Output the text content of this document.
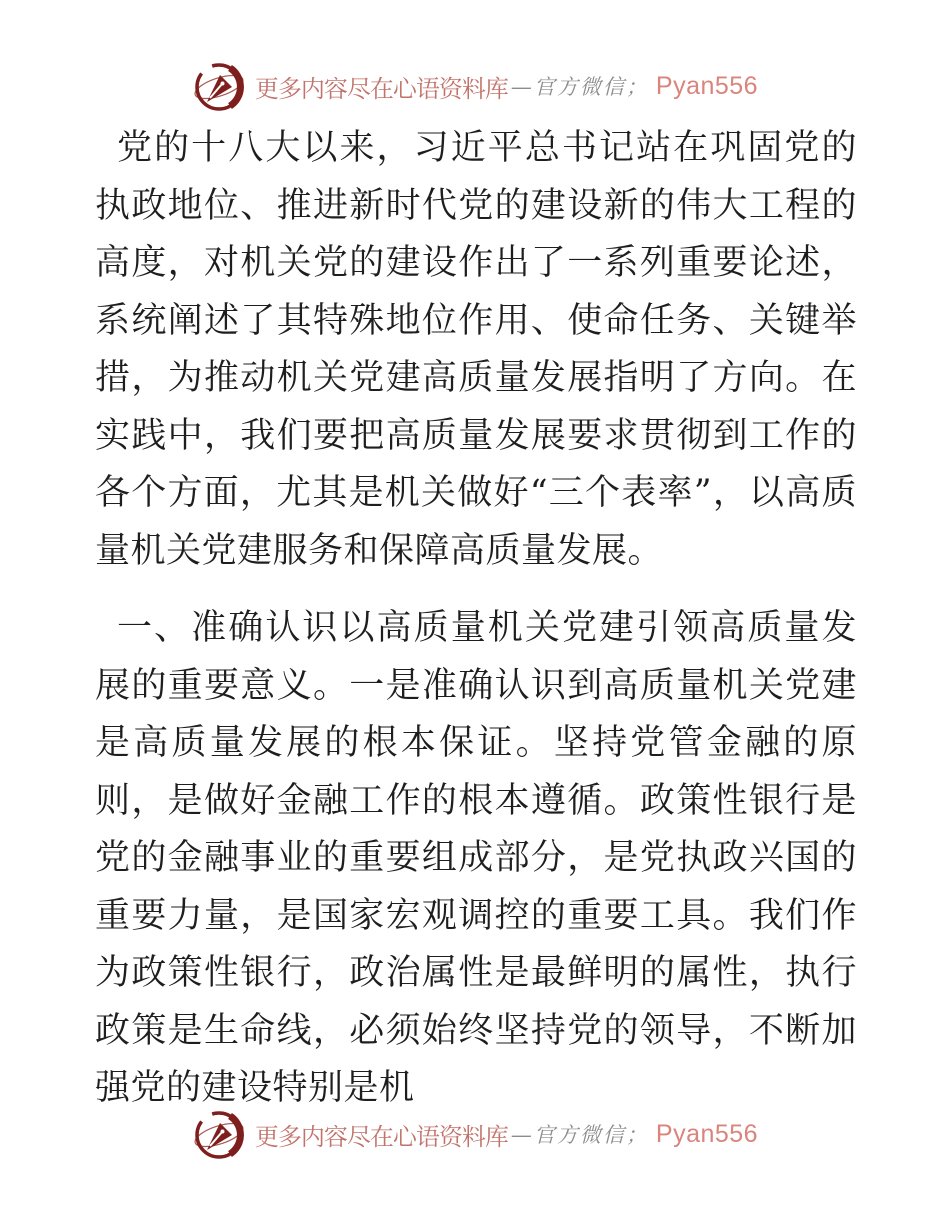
更多内容尽在心语资料库 —官方微信； Pyan556

党的十八大以来，习近平总书记站在巩固党的执政地位、推进新时代党的建设新的伟大工程的高度，对机关党的建设作出了一系列重要论述，系统阐述了其特殊地位作用、使命任务、关键举措，为推动机关党建高质量发展指明了方向。在实践中，我们要把高质量发展要求贯彻到工作的各个方面，尤其是机关做好“三个表率”，以高质量机关党建服务和保障高质量发展。

一、准确认识以高质量机关党建引领高质量发展的重要意义。一是准确认识到高质量机关党建是高质量发展的根本保证。坚持党管金融的原则，是做好金融工作的根本遵循。政策性银行是党的金融事业的重要组成部分，是党执政兴国的重要力量，是国家宏观调控的重要工具。我们作为政策性银行，政治属性是最鲜明的属性，执行政策是生命线，必须始终坚持党的领导，不断加强党的建设特别是机

更多内容尽在心语资料库 —官方微信； Pyan556
